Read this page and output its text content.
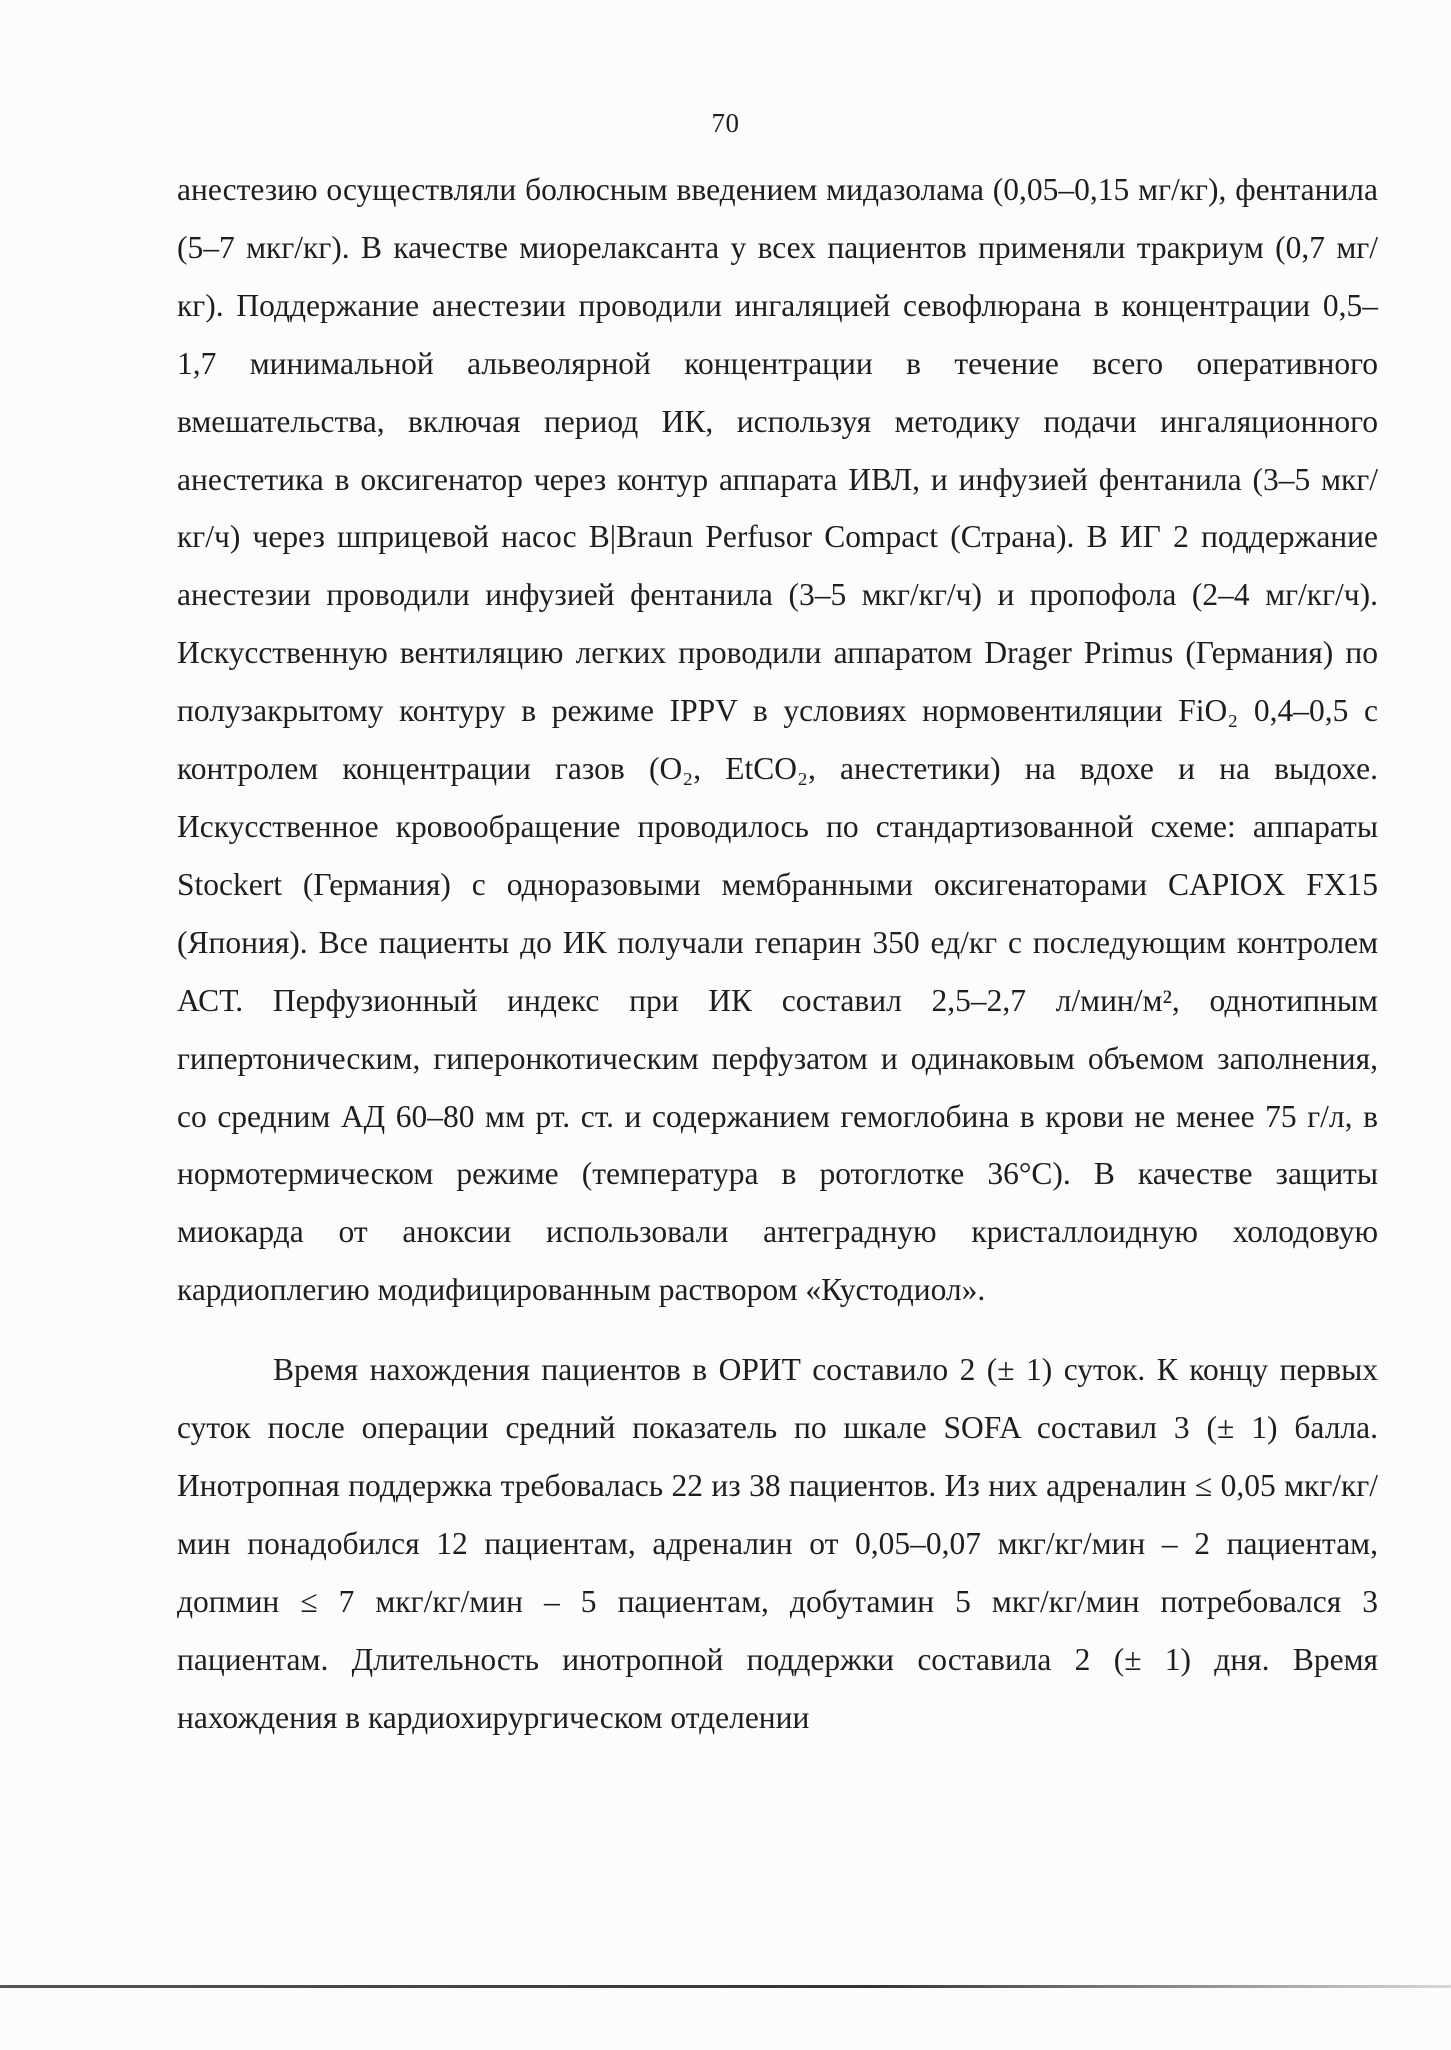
70

анестезию осуществляли болюсным введением мидазолама (0,05–0,15 мг/кг), фентанила (5–7 мкг/кг). В качестве миорелаксанта у всех пациентов применяли тракриум (0,7 мг/кг). Поддержание анестезии проводили ингаляцией севофлюрана в концентрации 0,5–1,7 минимальной альвеолярной концентрации в течение всего оперативного вмешательства, включая период ИК, используя методику подачи ингаляционного анестетика в оксигенатор через контур аппарата ИВЛ, и инфузией фентанила (3–5 мкг/кг/ч) через шприцевой насос B|Braun Perfusor Compact (Страна). В ИГ 2 поддержание анестезии проводили инфузией фентанила (3–5 мкг/кг/ч) и пропофола (2–4 мг/кг/ч). Искусственную вентиляцию легких проводили аппаратом Drager Primus (Германия) по полузакрытому контуру в режиме IPPV в условиях нормовентиляции FiO₂ 0,4–0,5 с контролем концентрации газов (O₂, EtCO₂, анестетики) на вдохе и на выдохе. Искусственное кровообращение проводилось по стандартизованной схеме: аппараты Stockert (Германия) с одноразовыми мембранными оксигенаторами CAPIOX FX15 (Япония). Все пациенты до ИК получали гепарин 350 ед/кг с последующим контролем АСТ. Перфузионный индекс при ИК составил 2,5–2,7 л/мин/м², однотипным гипертоническим, гиперонкотическим перфузатом и одинаковым объемом заполнения, со средним АД 60–80 мм рт. ст. и содержанием гемоглобина в крови не менее 75 г/л, в нормотермическом режиме (температура в ротоглотке 36°С). В качестве защиты миокарда от аноксии использовали антеградную кристаллоидную холодовую кардиоплегию модифицированным раствором «Кустодиол».

Время нахождения пациентов в ОРИТ составило 2 (± 1) суток. К концу первых суток после операции средний показатель по шкале SOFA составил 3 (± 1) балла. Инотропная поддержка требовалась 22 из 38 пациентов. Из них адреналин ≤ 0,05 мкг/кг/мин понадобился 12 пациентам, адреналин от 0,05–0,07 мкг/кг/мин – 2 пациентам, допмин ≤ 7 мкг/кг/мин – 5 пациентам, добутамин 5 мкг/кг/мин потребовался 3 пациентам. Длительность инотропной поддержки составила 2 (± 1) дня. Время нахождения в кардиохирургическом отделении
